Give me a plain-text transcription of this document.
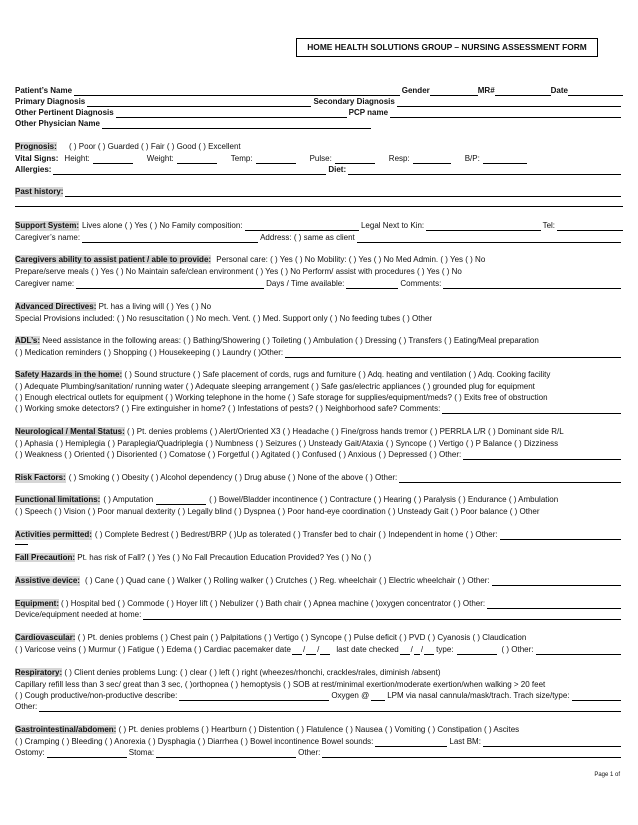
HOME HEALTH SOLUTIONS GROUP – NURSING ASSESSMENT FORM
Patient’s Name	Gender	MR#	Date
Primary Diagnosis	Secondary Diagnosis
Other Pertinent Diagnosis	PCP name
Other Physician Name
Prognosis: ( ) Poor ( ) Guarded ( ) Fair ( ) Good ( ) Excellent
Vital Signs: Height:	Weight:	Temp:	Pulse:	Resp:	B/P:
Allergies:	Diet:
Past history:
Support System: Lives alone ( ) Yes ( ) No Family composition:	Legal Next to Kin:	Tel:
Caregiver’s name:	Address: ( ) same as client
Caregivers ability to assist patient / able to provide: Personal care: ( ) Yes ( ) No Mobility: ( ) Yes ( ) No Med Admin. ( ) Yes ( ) No
Prepare/serve meals ( ) Yes ( ) No Maintain safe/clean environment ( ) Yes ( ) No Perform/ assist with procedures ( ) Yes ( ) No
Caregiver name:	Days / Time available:	Comments:
Advanced Directives: Pt. has a living will ( ) Yes ( ) No
Special Provisions included: ( ) No resuscitation ( ) No mech. Vent. ( ) Med. Support only ( ) No feeding tubes ( ) Other
ADL’s: Need assistance in the following areas: ( ) Bathing/Showering ( ) Toileting ( ) Ambulation ( ) Dressing ( ) Transfers ( ) Eating/Meal preparation
( ) Medication reminders ( ) Shopping ( ) Housekeeping ( ) Laundry ( )Other:
Safety Hazards in the home: ( ) Sound structure ( ) Safe placement of cords, rugs and furniture ( ) Adq. heating and ventilation ( ) Adq. Cooking facility
( ) Adequate Plumbing/sanitation/ running water ( ) Adequate sleeping arrangement ( ) Safe gas/electric appliances ( ) grounded plug for equipment
( ) Enough electrical outlets for equipment ( ) Working telephone in the home ( ) Safe storage for supplies/equipment/meds? ( ) Exits free of obstruction
( ) Working smoke detectors? ( ) Fire extinguisher in home? ( ) Infestations of pests? ( ) Neighborhood safe? Comments:
Neurological / Mental Status: ( ) Pt. denies problems ( ) Alert/Oriented X3 ( ) Headache ( ) Fine/gross hands tremor ( ) PERRLA L/R ( ) Dominant side R/L
( ) Aphasia ( ) Hemiplegia ( ) Paraplegia/Quadriplegia ( ) Numbness ( ) Seizures ( ) Unsteady Gait/Ataxia ( ) Syncope ( ) Vertigo ( ) P Balance ( ) Dizziness
( ) Weakness ( ) Oriented ( ) Disoriented ( ) Comatose ( ) Forgetful ( ) Agitated ( ) Confused ( ) Anxious ( ) Depressed ( ) Other:
Risk Factors: ( ) Smoking ( ) Obesity ( ) Alcohol dependency ( ) Drug abuse ( ) None of the above ( ) Other:
Functional limitations: ( ) Amputation	( ) Bowel/Bladder incontinence ( ) Contracture ( ) Hearing ( ) Paralysis ( ) Endurance ( ) Ambulation
( ) Speech ( ) Vision ( ) Poor manual dexterity ( ) Legally blind ( ) Dyspnea ( ) Poor hand-eye coordination ( ) Unsteady Gait ( ) Poor balance ( ) Other
Activities permitted: ( ) Complete Bedrest ( ) Bedrest/BRP ( )Up as tolerated ( ) Transfer bed to chair ( ) Independent in home ( ) Other:
Fall Precaution: Pt. has risk of Fall? ( ) Yes ( ) No Fall Precaution Education Provided? Yes ( ) No ( )
Assistive device: ( ) Cane ( ) Quad cane ( ) Walker ( ) Rolling walker ( ) Crutches ( ) Reg. wheelchair ( ) Electric wheelchair ( ) Other:
Equipment: ( ) Hospital bed ( ) Commode ( ) Hoyer lift ( ) Nebulizer ( ) Bath chair ( ) Apnea machine ( )oxygen concentrator ( ) Other:
Device/equipment needed at home:
Cardiovascular: ( ) Pt. denies problems ( ) Chest pain ( ) Palpitations ( ) Vertigo ( ) Syncope ( ) Pulse deficit ( ) PVD ( ) Cyanosis ( ) Claudication
( ) Varicose veins ( ) Murmur ( ) Fatigue ( ) Edema ( ) Cardiac pacemaker date / / last date checked / / type:	( ) Other:
Respiratory: ( ) Client denies problems Lung: ( ) clear ( ) left ( ) right (wheezes/rhonchi, crackles/rales, diminish /absent)
Capillary refill less than 3 sec/ great than 3 sec, ( )orthopnea ( ) hemoptysis ( ) SOB at rest/minimal exertion/moderate exertion/when walking > 20 feet
( ) Cough productive/non-productive describe:	Oxygen @ LPM via nasal cannula/mask/trach. Trach size/type:
Other:
Gastrointestinal/abdomen: ( ) Pt. denies problems ( ) Heartburn ( ) Distention ( ) Flatulence ( ) Nausea ( ) Vomiting ( ) Constipation ( ) Ascites
( ) Cramping ( ) Bleeding ( ) Anorexia ( ) Dysphagia ( ) Diarrhea ( ) Bowel incontinence Bowel sounds:	Last BM:
Ostomy:	Stoma:	Other:
Page 1 of
